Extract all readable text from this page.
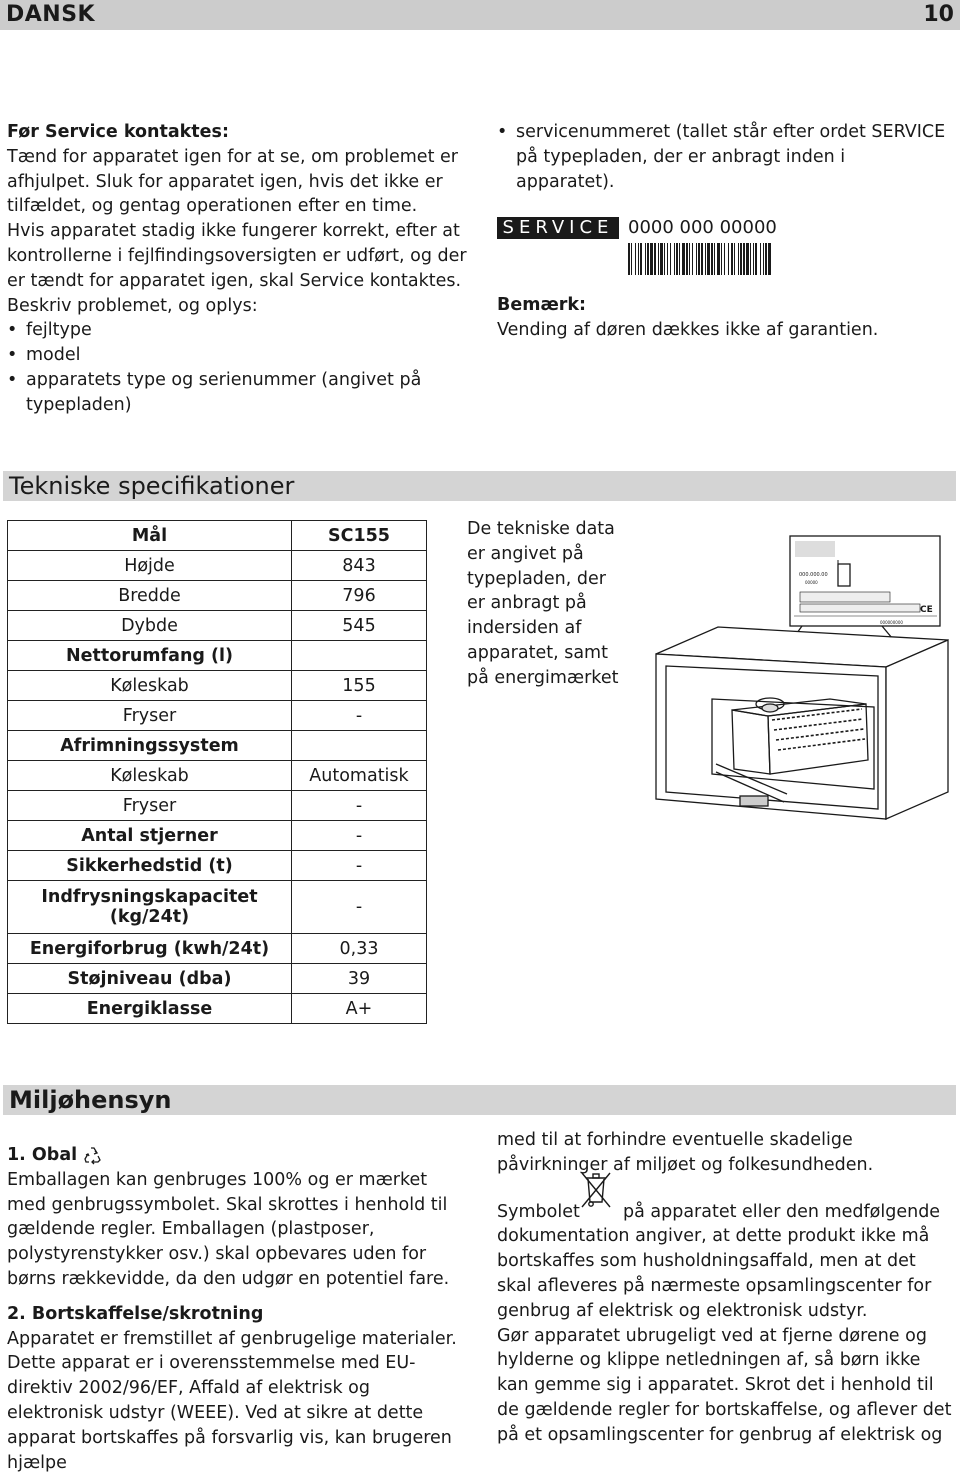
DANSK	10
Før Service kontaktes:
Tænd for apparatet igen for at se, om problemet er afhjulpet. Sluk for apparatet igen, hvis det ikke er tilfældet, og gentag operationen efter en time.
Hvis apparatet stadig ikke fungerer korrekt, efter at kontrollerne i fejlfindingsoversigten er udført, og der er tændt for apparatet igen, skal Service kontaktes.
Beskriv problemet, og oplys:
• fejltype
• model
• apparatets type og serienummer (angivet på typepladen)
• servicenummeret (tallet står efter ordet SERVICE på typepladen, der er anbragt inden i apparatet).
SERVICE 0000 000 00000
Bemærk:
Vending af døren dækkes ikke af garantien.
Tekniske specifikationer
Mål	SC155
Højde	843
Bredde	796
Dybde	545
Nettorumfang (l)	
Køleskab	155
Fryser	-
Afrimningssystem	
Køleskab	Automatisk
Fryser	-
Antal stjerner	-
Sikkerhedstid (t)	-
Indfrysningskapacitet (kg/24t)	-
Energiforbrug (kwh/24t)	0,33
Støjniveau (dba)	39
Energiklasse	A+
De tekniske data er angivet på typepladen, der er anbragt på indersiden af apparatet, samt på energimærket
000.000.00
00000
000000000
CE
Miljøhensyn
1. Obal
Emballagen kan genbruges 100% og er mærket med genbrugssymbolet. Skal skrottes i henhold til gældende regler. Emballagen (plastposer, polystyrenstykker osv.) skal opbevares uden for børns rækkevidde, da den udgør en potentiel fare.
2. Bortskaffelse/skrotning
Apparatet er fremstillet af genbrugelige materialer. Dette apparat er i overensstemmelse med EU-direktiv 2002/96/EF, Affald af elektrisk og elektronisk udstyr (WEEE). Ved at sikre at dette apparat bortskaffes på forsvarlig vis, kan brugeren hjælpe
med til at forhindre eventuelle skadelige påvirkninger af miljøet og folkesundheden.
Symbolet på apparatet eller den medfølgende dokumentation angiver, at dette produkt ikke må bortskaffes som husholdningsaffald, men at det skal afleveres på nærmeste opsamlingscenter for genbrug af elektrisk og elektronisk udstyr.
Gør apparatet ubrugeligt ved at fjerne dørene og hylderne og klippe netledningen af, så børn ikke kan gemme sig i apparatet. Skrot det i henhold til de gældende regler for bortskaffelse, og aflever det på et opsamlingscenter for genbrug af elektrisk og
